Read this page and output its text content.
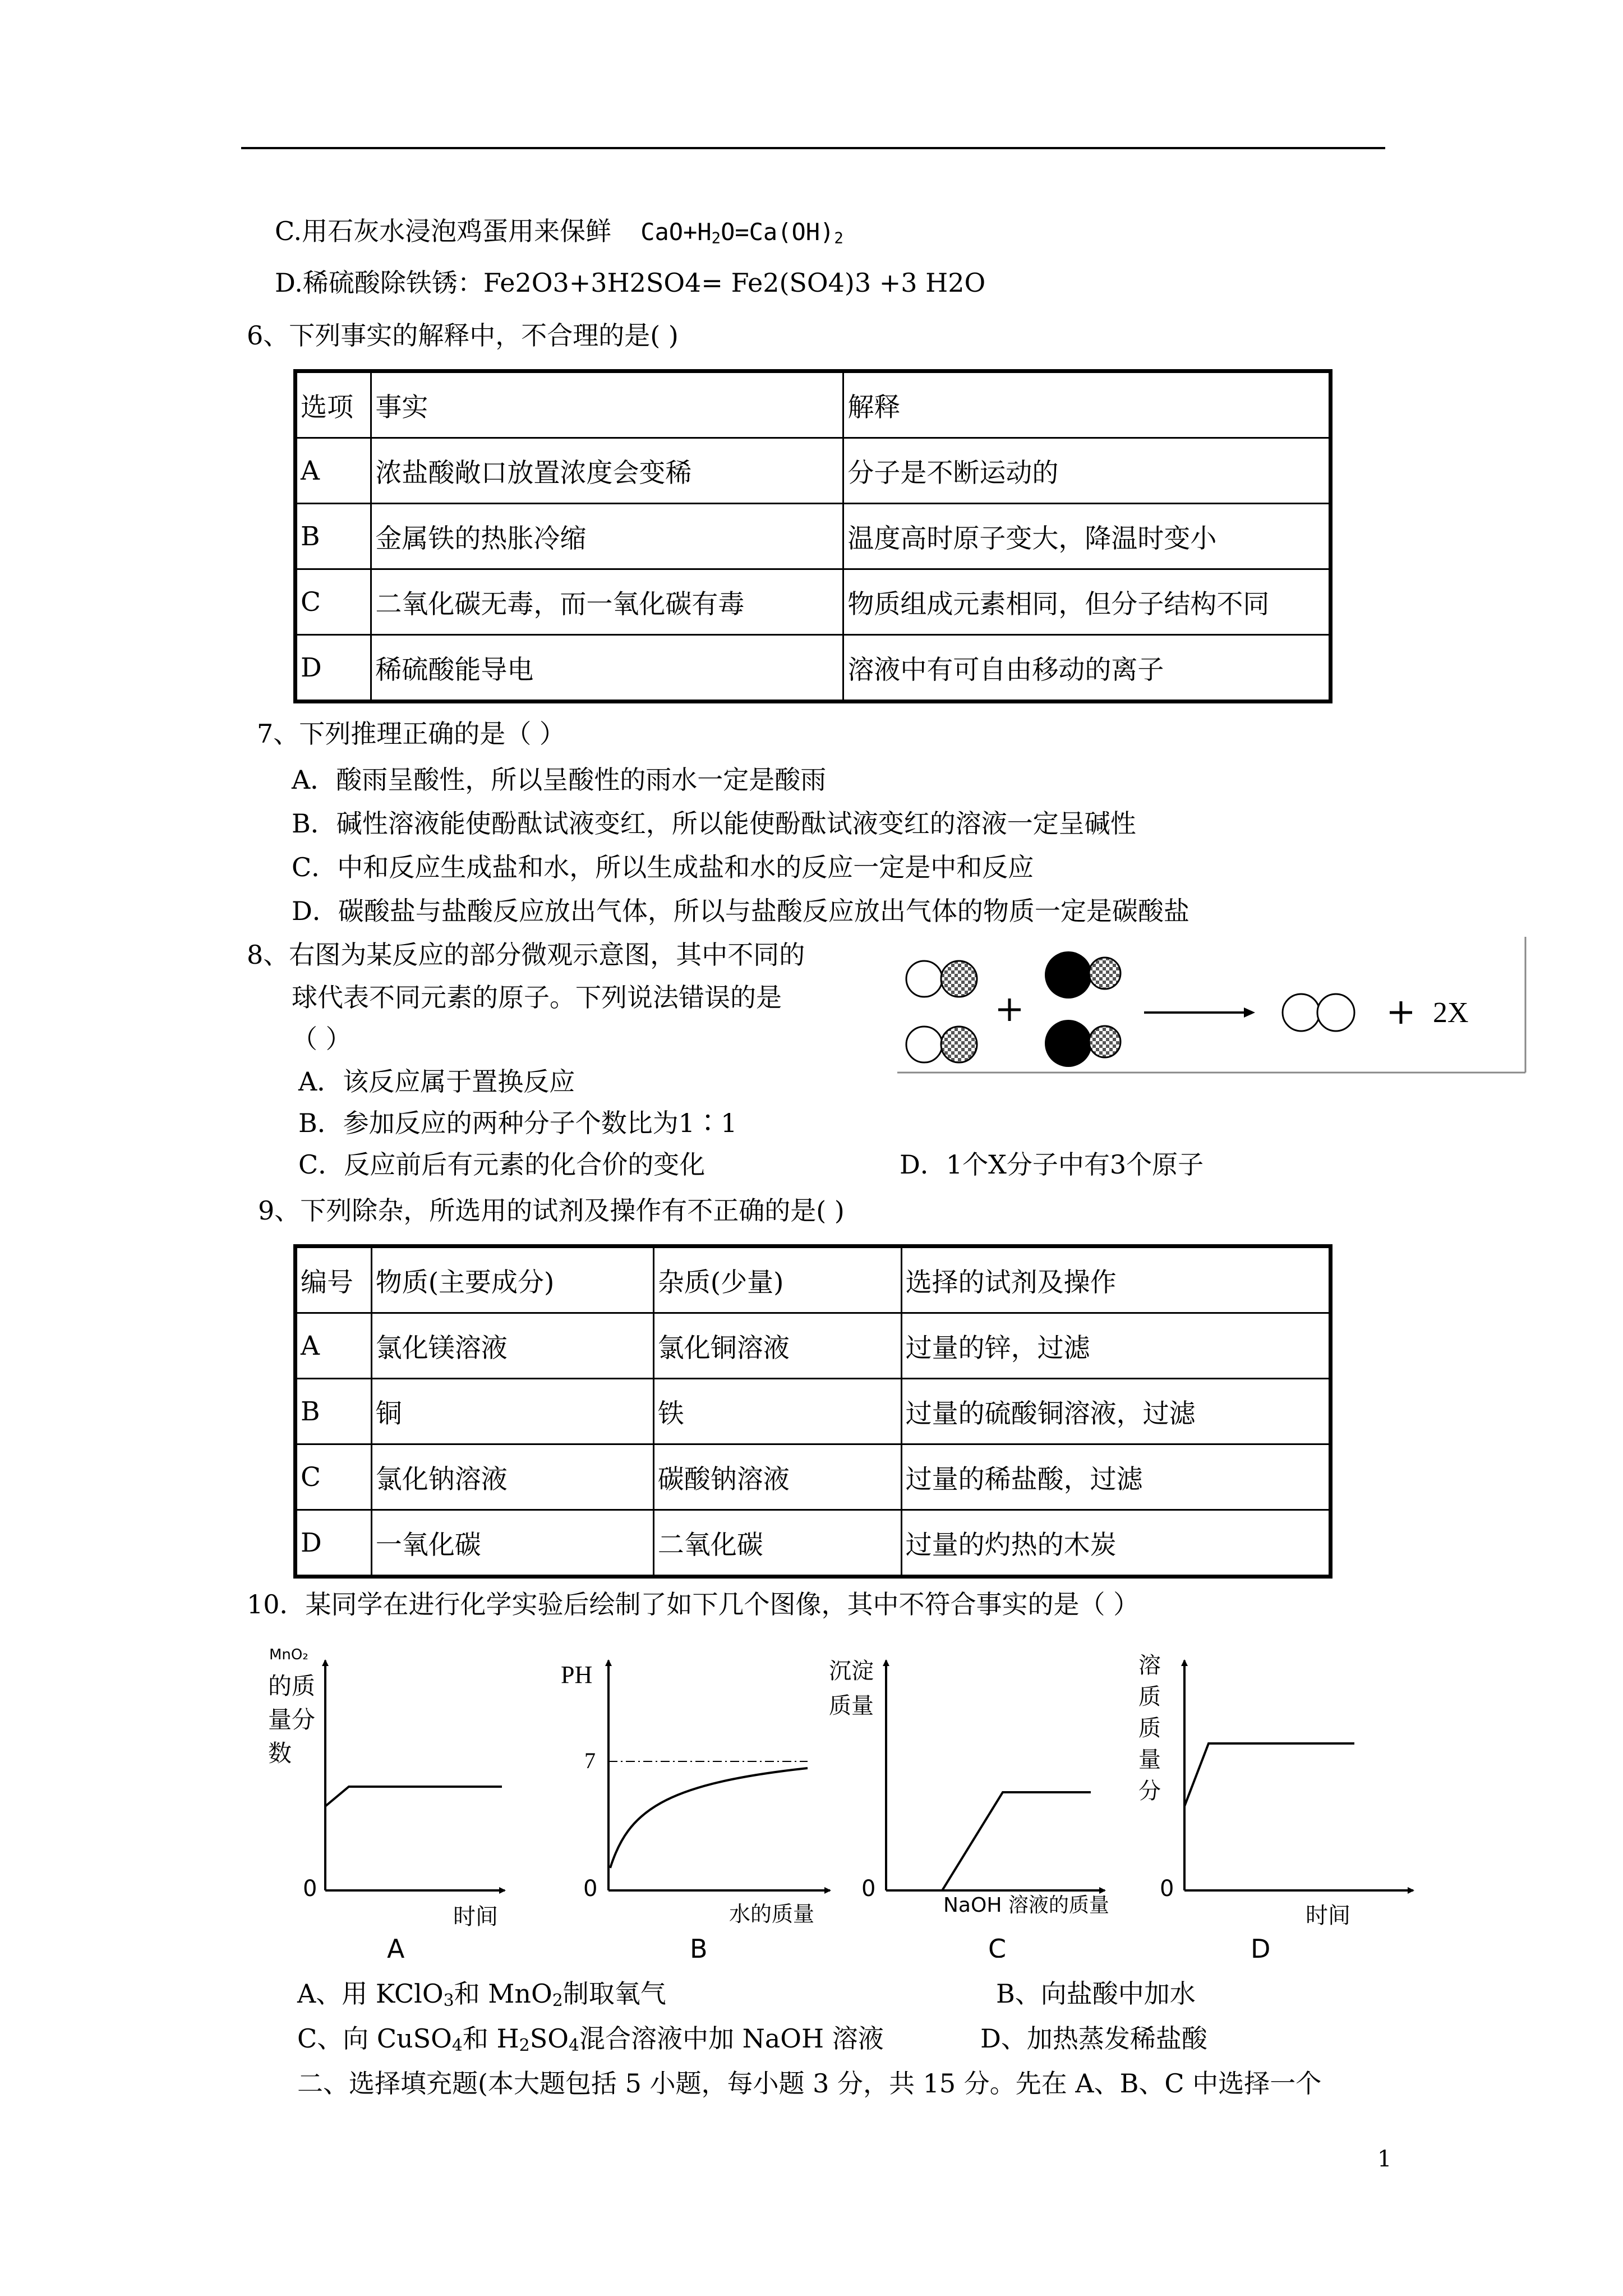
C.用石灰水浸泡鸡蛋用来保鲜 $CaO+H_2O=Ca(OH)_2$
D.稀硫酸除铁锈：Fe2O3+3H2SO4= Fe2(SO4)3 +3 H2O
6、下列事实的解释中，不合理的是( )
选项	事实	解释
A	浓盐酸敞口放置浓度会变稀	分子是不断运动的
B	金属铁的热胀冷缩	温度高时原子变大，降温时变小
C	二氧化碳无毒，而一氧化碳有毒	物质组成元素相同，但分子结构不同
D	稀硫酸能导电	溶液中有可自由移动的离子
7、下列推理正确的是（ ）
A．酸雨呈酸性，所以呈酸性的雨水一定是酸雨
B．碱性溶液能使酚酞试液变红，所以能使酚酞试液变红的溶液一定呈碱性
C．中和反应生成盐和水，所以生成盐和水的反应一定是中和反应
D．碳酸盐与盐酸反应放出气体，所以与盐酸反应放出气体的物质一定是碳酸盐
8、右图为某反应的部分微观示意图，其中不同的
球代表不同元素的原子。下列说法错误的是
（ ）
A．该反应属于置换反应
B．参加反应的两种分子个数比为1∶1
C．反应前后有元素的化合价的变化	D．1个X分子中有3个原子
2X
9、下列除杂，所选用的试剂及操作有不正确的是( )
编号	物质(主要成分)	杂质(少量)	选择的试剂及操作
A	氯化镁溶液	氯化铜溶液	过量的锌，过滤
B	铜	铁	过量的硫酸铜溶液，过滤
C	氯化钠溶液	碳酸钠溶液	过量的稀盐酸，过滤
D	一氧化碳	二氧化碳	过量的灼热的木炭
10．某同学在进行化学实验后绘制了如下几个图像，其中不符合事实的是（ ）
MnO₂
的质
量分
数
0
时间
A
PH
7
0
水的质量
B
沉淀
质量
0
NaOH 溶液的质量
C
溶
质
质
量
分
0
时间
D
A、用 KClO$_3$和 MnO$_2$制取氧气	B、向盐酸中加水
C、向 CuSO$_4$和 $H_2SO_4$混合溶液中加 NaOH 溶液	D、加热蒸发稀盐酸
二、选择填充题(本大题包括 5 小题，每小题 3 分，共 15 分。先在 A、B、C 中选择一个
1
